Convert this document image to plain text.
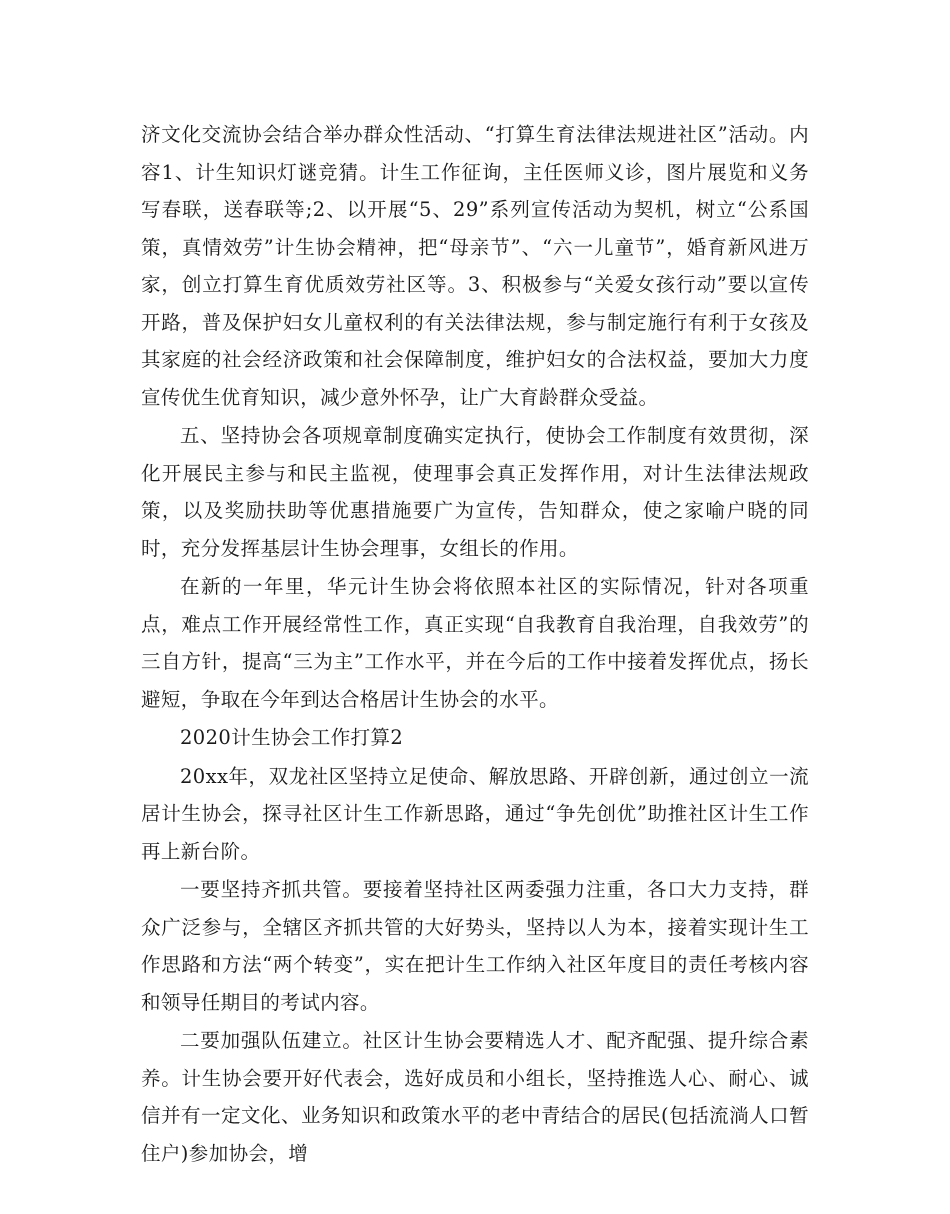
济文化交流协会结合举办群众性活动、“打算生育法律法规进社区”活动。内容1、计生知识灯谜竞猜。计生工作征询，主任医师义诊，图片展览和义务写春联，送春联等;2、以开展“5、29”系列宣传活动为契机，树立“公系国策，真情效劳”计生协会精神，把“母亲节”、“六一儿童节”，婚育新风进万家，创立打算生育优质效劳社区等。3、积极参与“关爱女孩行动”要以宣传开路，普及保护妇女儿童权利的有关法律法规，参与制定施行有利于女孩及其家庭的社会经济政策和社会保障制度，维护妇女的合法权益，要加大力度宣传优生优育知识，减少意外怀孕，让广大育龄群众受益。

五、坚持协会各项规章制度确实定执行，使协会工作制度有效贯彻，深化开展民主参与和民主监视，使理事会真正发挥作用，对计生法律法规政策，以及奖励扶助等优惠措施要广为宣传，告知群众，使之家喻户晓的同时，充分发挥基层计生协会理事，女组长的作用。

在新的一年里，华元计生协会将依照本社区的实际情况，针对各项重点，难点工作开展经常性工作，真正实现“自我教育自我治理，自我效劳”的三自方针，提高“三为主”工作水平，并在今后的工作中接着发挥优点，扬长避短，争取在今年到达合格居计生协会的水平。

2020计生协会工作打算2

20xx年，双龙社区坚持立足使命、解放思路、开辟创新，通过创立一流居计生协会，探寻社区计生工作新思路，通过“争先创优”助推社区计生工作再上新台阶。

一要坚持齐抓共管。要接着坚持社区两委强力注重，各口大力支持，群众广泛参与，全辖区齐抓共管的大好势头，坚持以人为本，接着实现计生工作思路和方法“两个转变”，实在把计生工作纳入社区年度目的责任考核内容和领导任期目的考试内容。

二要加强队伍建立。社区计生协会要精选人才、配齐配强、提升综合素养。计生协会要开好代表会，选好成员和小组长，坚持推选人心、耐心、诚信并有一定文化、业务知识和政策水平的老中青结合的居民(包括流淌人口暂住户)参加协会，增
